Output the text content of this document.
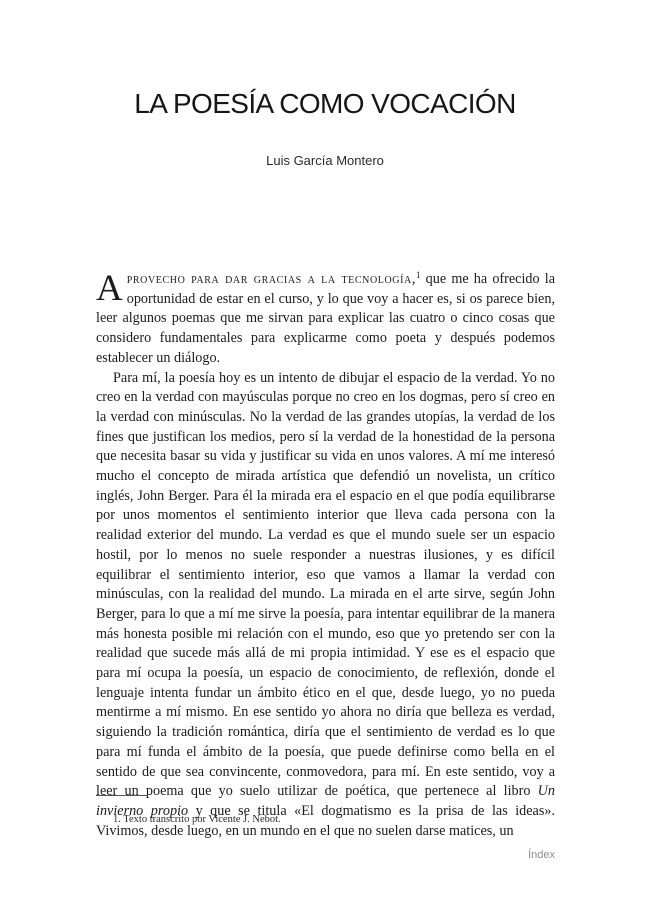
LA POESÍA COMO VOCACIÓN
Luis García Montero

Aprovecho para dar gracias a la tecnología,$^1$ que me ha ofrecido la oportunidad de estar en el curso, y lo que voy a hacer es, si os parece bien, leer algunos poemas que me sirvan para explicar las cuatro o cinco cosas que considero fundamentales para explicarme como poeta y después podemos establecer un diálogo.

Para mí, la poesía hoy es un intento de dibujar el espacio de la verdad. Yo no creo en la verdad con mayúsculas porque no creo en los dogmas, pero sí creo en la verdad con minúsculas. No la verdad de las grandes utopías, la verdad de los fines que justifican los medios, pero sí la verdad de la honestidad de la persona que necesita basar su vida y justificar su vida en unos valores. A mí me interesó mucho el concepto de mirada artística que defendió un novelista, un crítico inglés, John Berger. Para él la mirada era el espacio en el que podía equilibrarse por unos momentos el sentimiento interior que lleva cada persona con la realidad exterior del mundo. La verdad es que el mundo suele ser un espacio hostil, por lo menos no suele responder a nuestras ilusiones, y es difícil equilibrar el sentimiento interior, eso que vamos a llamar la verdad con minúsculas, con la realidad del mundo. La mirada en el arte sirve, según John Berger, para lo que a mí me sirve la poesía, para intentar equilibrar de la manera más honesta posible mi relación con el mundo, eso que yo pretendo ser con la realidad que sucede más allá de mi propia intimidad. Y ese es el espacio que para mí ocupa la poesía, un espacio de conocimiento, de reflexión, donde el lenguaje intenta fundar un ámbito ético en el que, desde luego, yo no pueda mentirme a mí mismo. En ese sentido yo ahora no diría que belleza es verdad, siguiendo la tradición romántica, diría que el sentimiento de verdad es lo que para mí funda el ámbito de la poesía, que puede definirse como bella en el sentido de que sea convincente, conmovedora, para mí. En este sentido, voy a leer un poema que yo suelo utilizar de poética, que pertenece al libro Un invierno propio y que se titula «El dogmatismo es la prisa de las ideas». Vivimos, desde luego, en un mundo en el que no suelen darse matices, un

1. Texto transcrito por Vicente J. Nebot.
Índex
